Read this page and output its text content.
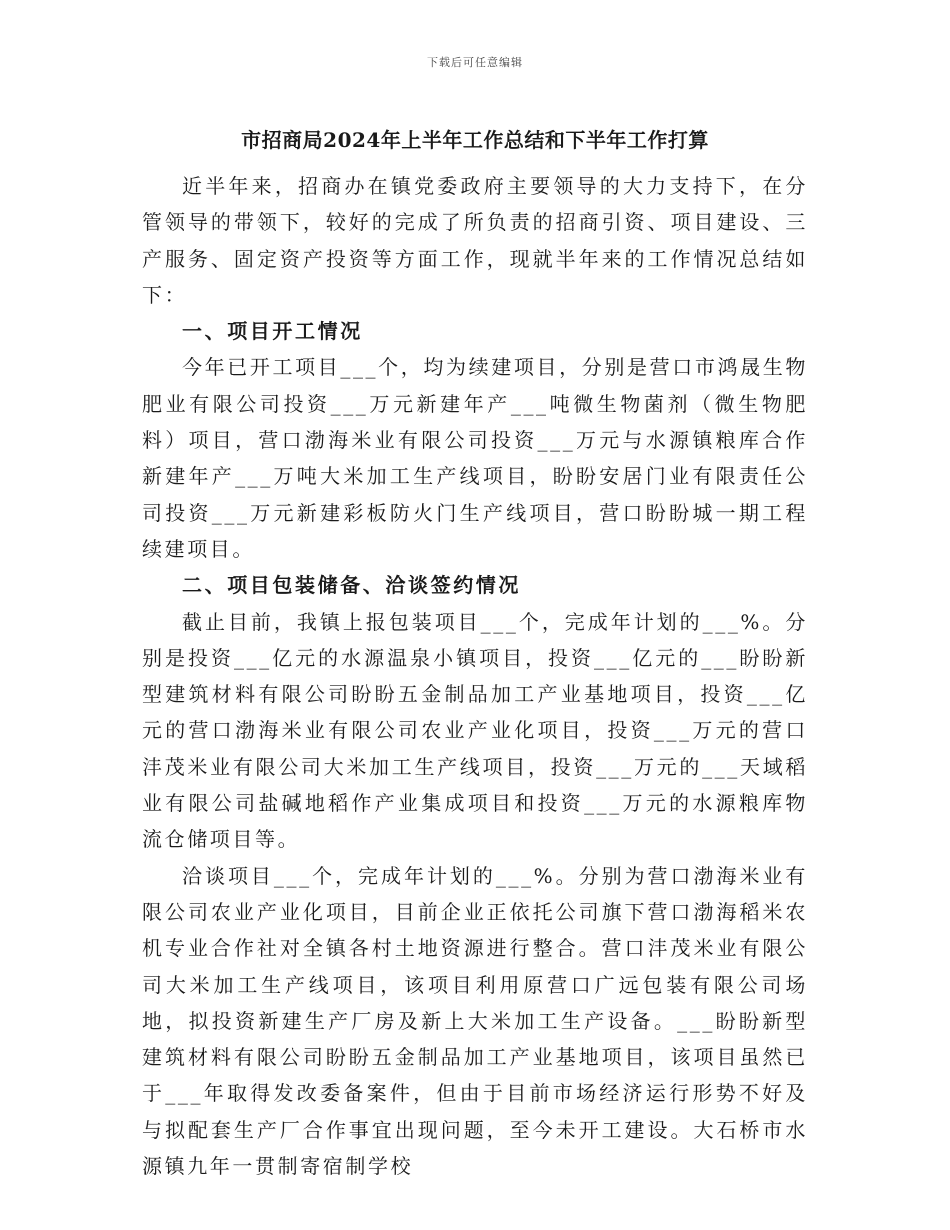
下载后可任意编辑
市招商局2024年上半年工作总结和下半年工作打算

近半年来，招商办在镇党委政府主要领导的大力支持下，在分管领导的带领下，较好的完成了所负责的招商引资、项目建设、三产服务、固定资产投资等方面工作，现就半年来的工作情况总结如下：

一、项目开工情况

今年已开工项目___个，均为续建项目，分别是营口市鸿晟生物肥业有限公司投资___万元新建年产___吨微生物菌剂（微生物肥料）项目，营口渤海米业有限公司投资___万元与水源镇粮库合作新建年产___万吨大米加工生产线项目，盼盼安居门业有限责任公司投资___万元新建彩板防火门生产线项目，营口盼盼城一期工程续建项目。

二、项目包装储备、洽谈签约情况

截止目前，我镇上报包装项目___个，完成年计划的___%。分别是投资___亿元的水源温泉小镇项目，投资___亿元的___盼盼新型建筑材料有限公司盼盼五金制品加工产业基地项目，投资___亿元的营口渤海米业有限公司农业产业化项目，投资___万元的营口沣茂米业有限公司大米加工生产线项目，投资___万元的___天域稻业有限公司盐碱地稻作产业集成项目和投资___万元的水源粮库物流仓储项目等。

洽谈项目___个，完成年计划的___%。分别为营口渤海米业有限公司农业产业化项目，目前企业正依托公司旗下营口渤海稻米农机专业合作社对全镇各村土地资源进行整合。营口沣茂米业有限公司大米加工生产线项目，该项目利用原营口广远包装有限公司场地，拟投资新建生产厂房及新上大米加工生产设备。___盼盼新型建筑材料有限公司盼盼五金制品加工产业基地项目，该项目虽然已于___年取得发改委备案件，但由于目前市场经济运行形势不好及与拟配套生产厂合作事宜出现问题，至今未开工建设。大石桥市水源镇九年一贯制寄宿制学校
